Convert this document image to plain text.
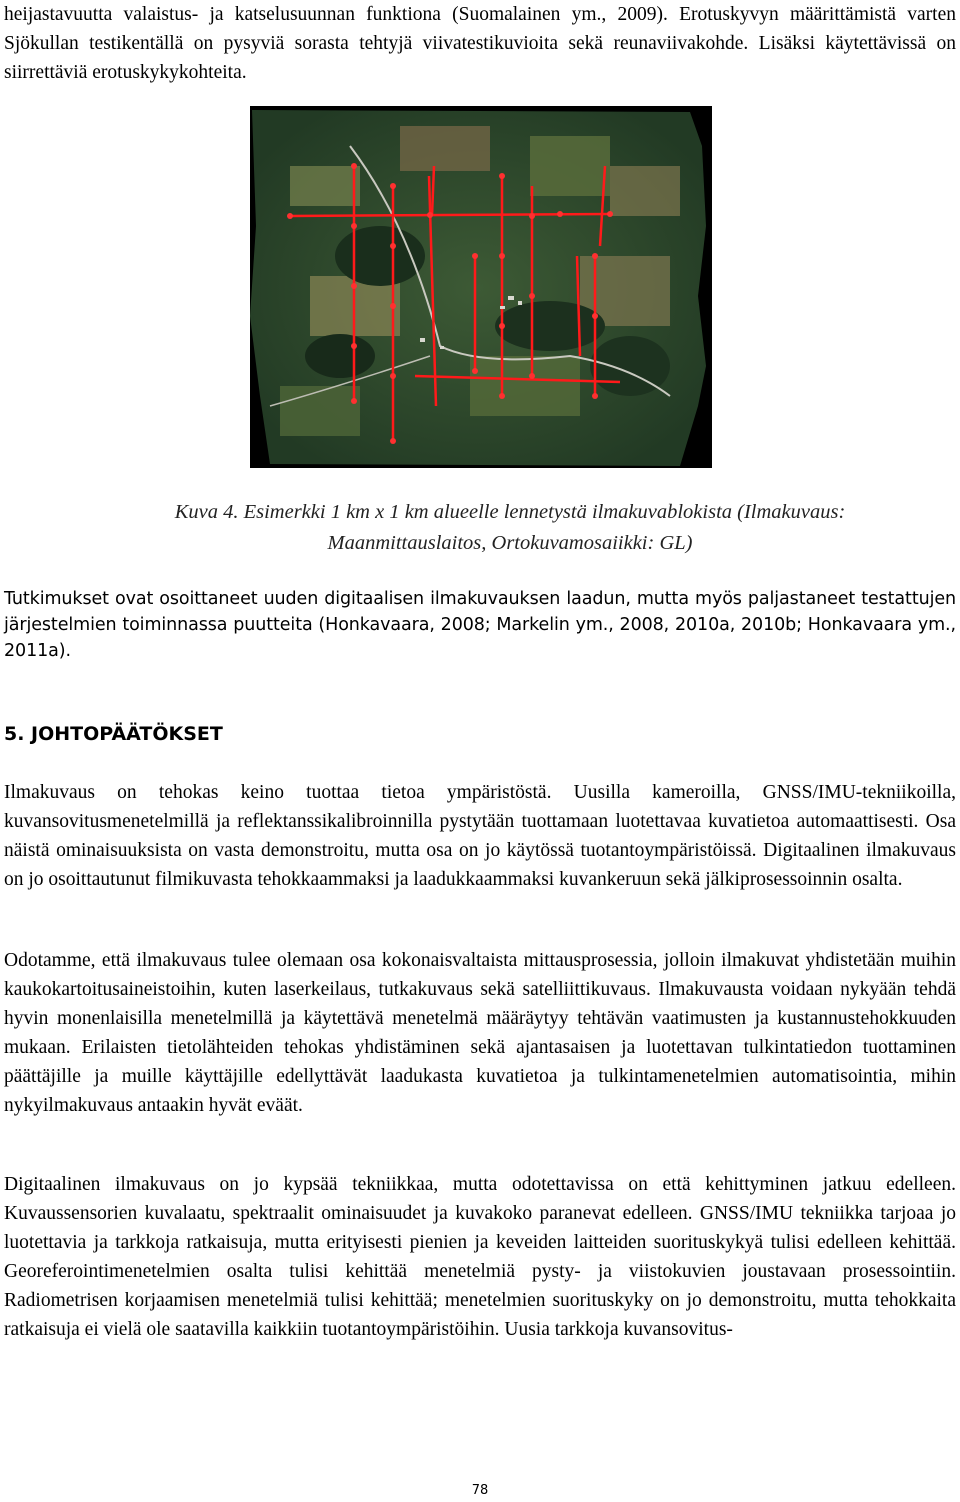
heijastavuutta valaistus- ja katselusuunnan funktiona (Suomalainen ym., 2009). Erotuskyvyn määrittämistä varten Sjökullan testikentällä on pysyviä sorasta tehtyjä viivatestikuvioita sekä reunaviivakohde. Lisäksi käytettävissä on siirrettäviä erotuskykykohteita.

Kuva 4. Esimerkki 1 km x 1 km alueelle lennetystä ilmakuvablokista (Ilmakuvaus: Maanmittauslaitos, Ortokuvamosaiikki: GL)

Tutkimukset ovat osoittaneet uuden digitaalisen ilmakuvauksen laadun, mutta myös paljastaneet testattujen järjestelmien toiminnassa puutteita (Honkavaara, 2008; Markelin ym., 2008, 2010a, 2010b; Honkavaara ym., 2011a).

5. JOHTOPÄÄTÖKSET

Ilmakuvaus on tehokas keino tuottaa tietoa ympäristöstä. Uusilla kameroilla, GNSS/IMU-tekniikoilla, kuvansovitusmenetelmillä ja reflektanssikalibroinnilla pystytään tuottamaan luotettavaa kuvatietoa automaattisesti. Osa näistä ominaisuuksista on vasta demonstroitu, mutta osa on jo käytössä tuotantoympäristöissä. Digitaalinen ilmakuvaus on jo osoittautunut filmikuvasta tehokkaammaksi ja laadukkaammaksi kuvankeruun sekä jälkiprosessoinnin osalta.

Odotamme, että ilmakuvaus tulee olemaan osa kokonaisvaltaista mittausprosessia, jolloin ilmakuvat yhdistetään muihin kaukokartoitusaineistoihin, kuten laserkeilaus, tutkakuvaus sekä satelliittikuvaus. Ilmakuvausta voidaan nykyään tehdä hyvin monenlaisilla menetelmillä ja käytettävä menetelmä määräytyy tehtävän vaatimusten ja kustannustehokkuuden mukaan. Erilaisten tietolähteiden tehokas yhdistäminen sekä ajantasaisen ja luotettavan tulkintatiedon tuottaminen päättäjille ja muille käyttäjille edellyttävät laadukasta kuvatietoa ja tulkintamenetelmien automatisointia, mihin nykyilmakuvaus antaakin hyvät eväät.

Digitaalinen ilmakuvaus on jo kypsää tekniikkaa, mutta odotettavissa on että kehittyminen jatkuu edelleen. Kuvaussensorien kuvalaatu, spektraalit ominaisuudet ja kuvakoko paranevat edelleen. GNSS/IMU tekniikka tarjoaa jo luotettavia ja tarkkoja ratkaisuja, mutta erityisesti pienien ja keveiden laitteiden suorituskykyä tulisi edelleen kehittää. Georeferointimenetelmien osalta tulisi kehittää menetelmiä pysty- ja viistokuvien joustavaan prosessointiin. Radiometrisen korjaamisen menetelmiä tulisi kehittää; menetelmien suorituskyky on jo demonstroitu, mutta tehokkaita ratkaisuja ei vielä ole saatavilla kaikkiin tuotantoympäristöihin. Uusia tarkkoja kuvansovitus-

78
